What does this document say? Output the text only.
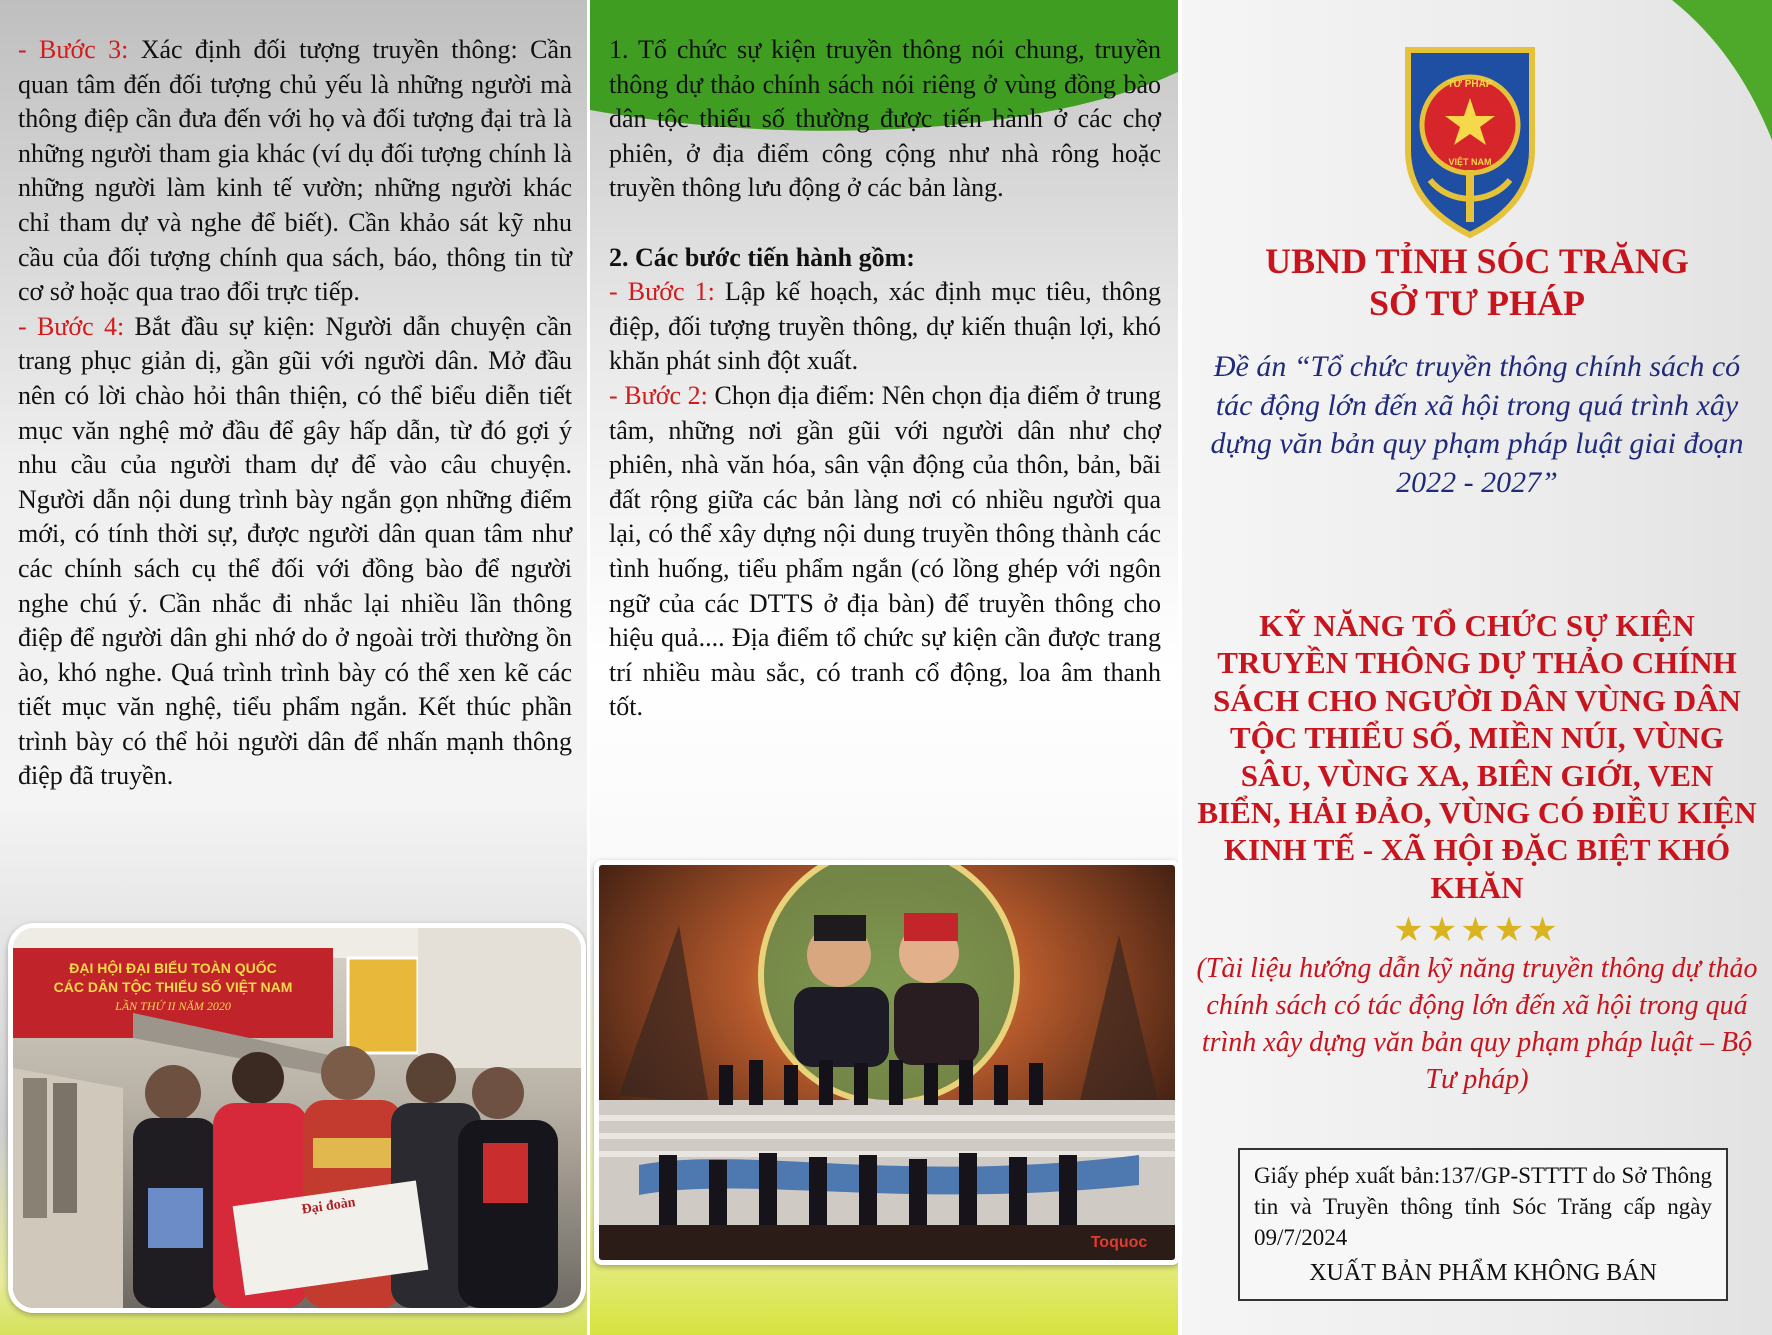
- Bước 3: Xác định đối tượng truyền thông: Cần quan tâm đến đối tượng chủ yếu là những người mà thông điệp cần đưa đến với họ và đối tượng đại trà là những người tham gia khác (ví dụ đối tượng chính là những người làm kinh tế vườn; những người khác chỉ tham dự và nghe để biết). Cần khảo sát kỹ nhu cầu của đối tượng chính qua sách, báo, thông tin từ cơ sở hoặc qua trao đổi trực tiếp.

- Bước 4: Bắt đầu sự kiện: Người dẫn chuyện cần trang phục giản dị, gần gũi với người dân. Mở đầu nên có lời chào hỏi thân thiện, có thể biểu diễn tiết mục văn nghệ mở đầu để gây hấp dẫn, từ đó gợi ý nhu cầu của người tham dự để vào câu chuyện. Người dẫn nội dung trình bày ngắn gọn những điểm mới, có tính thời sự, được người dân quan tâm như các chính sách cụ thể đối với đồng bào để người nghe chú ý. Cần nhắc đi nhắc lại nhiều lần thông điệp để người dân ghi nhớ do ở ngoài trời thường ồn ào, khó nghe. Quá trình trình bày có thể xen kẽ các tiết mục văn nghệ, tiểu phẩm ngắn. Kết thúc phần trình bày có thể hỏi người dân để nhấn mạnh thông điệp đã truyền.

ĐẠI HỘI ĐẠI BIỂU TOÀN QUỐC
CÁC DÂN TỘC THIỂU SỐ VIỆT NAM
LẦN THỨ II NĂM 2020
Đại đoàn

1. Tổ chức sự kiện truyền thông nói chung, truyền thông dự thảo chính sách nói riêng ở vùng đồng bào dân tộc thiểu số thường được tiến hành ở các chợ phiên, ở địa điểm công cộng như nhà rông hoặc truyền thông lưu động ở các bản làng.

2. Các bước tiến hành gồm:

- Bước 1: Lập kế hoạch, xác định mục tiêu, thông điệp, đối tượng truyền thông, dự kiến thuận lợi, khó khăn phát sinh đột xuất.

- Bước 2: Chọn địa điểm: Nên chọn địa điểm ở trung tâm, những nơi gần gũi với người dân như chợ phiên, nhà văn hóa, sân vận động của thôn, bản, bãi đất rộng giữa các bản làng nơi có nhiều người qua lại, có thể xây dựng nội dung truyền thông thành các tình huống, tiểu phẩm ngắn (có lồng ghép với ngôn ngữ của các DTTS ở địa bàn) để truyền thông cho hiệu quả.... Địa điểm tổ chức sự kiện cần được trang trí nhiều màu sắc, có tranh cổ động, loa âm thanh tốt.

Toquoc
TƯ PHÁP
VIỆT NAM
UBND TỈNH SÓC TRĂNG
SỞ TƯ PHÁP
Đề án “Tổ chức truyền thông chính sách có tác động lớn đến xã hội trong quá trình xây dựng văn bản quy phạm pháp luật giai đoạn 2022 - 2027”
KỸ NĂNG TỔ CHỨC SỰ KIỆN TRUYỀN THÔNG DỰ THẢO CHÍNH SÁCH CHO NGƯỜI DÂN VÙNG DÂN TỘC THIỂU SỐ, MIỀN NÚI, VÙNG SÂU, VÙNG XA, BIÊN GIỚI, VEN BIỂN, HẢI ĐẢO, VÙNG CÓ ĐIỀU KIỆN KINH TẾ - XÃ HỘI ĐẶC BIỆT KHÓ KHĂN
★★★★★
(Tài liệu hướng dẫn kỹ năng truyền thông dự thảo chính sách có tác động lớn đến xã hội trong quá trình xây dựng văn bản quy phạm pháp luật – Bộ Tư pháp)
Giấy phép xuất bản:137/GP-STTTT do Sở Thông tin và Truyền thông tỉnh Sóc Trăng cấp ngày 09/7/2024
XUẤT BẢN PHẨM KHÔNG BÁN
